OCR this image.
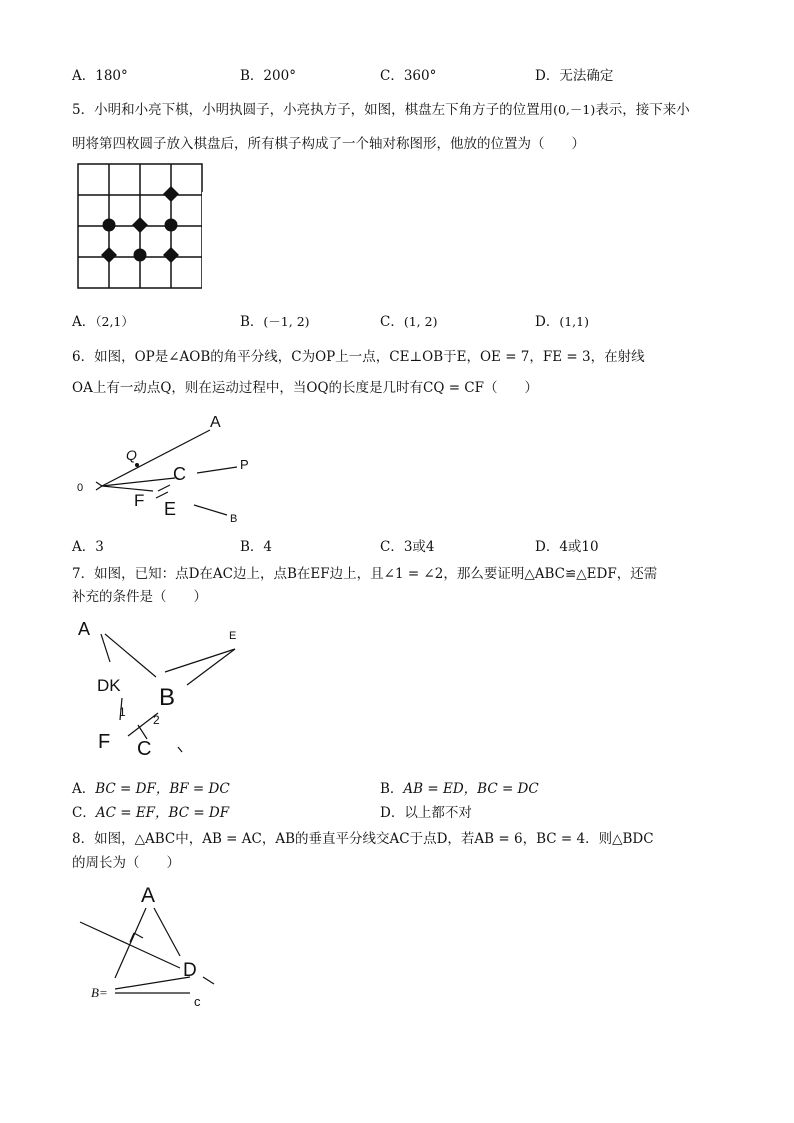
A．180°	B．200°	C．360°	D．无法确定
5．小明和小亮下棋，小明执圆子，小亮执方子，如图，棋盘左下角方子的位置用(0,－1)表示，接下来小
明将第四枚圆子放入棋盘后，所有棋子构成了一个轴对称图形，他放的位置为（　　）
A．（2,1）	B．(－1, 2)	C．(1, 2)	D．(1,1)
6．如图，OP是∠AOB的角平分线，C为OP上一点，CE⊥OB于E，OE = 7，FE = 3，在射线
OA上有一动点Q，则在运动过程中，当OQ的长度是几时有CQ = CF（　　）
A
Q
C	P
0
F E	B
A．3	B．4	C．3或4	D．4或10
7．如图，已知：点D在AC边上，点B在EF边上，且∠1 = ∠2，那么要证明△ABC≌△EDF，还需
补充的条件是（　　）
A	E
DK B
1
2
F C
A．BC = DF，BF = DC	B．AB = ED，BC = DC
C．AC = EF，BC = DF	D．以上都不对
8．如图，△ABC中，AB = AC，AB的垂直平分线交AC于点D，若AB = 6，BC = 4．则△BDC
的周长为（　　）
A
D
B=
c
